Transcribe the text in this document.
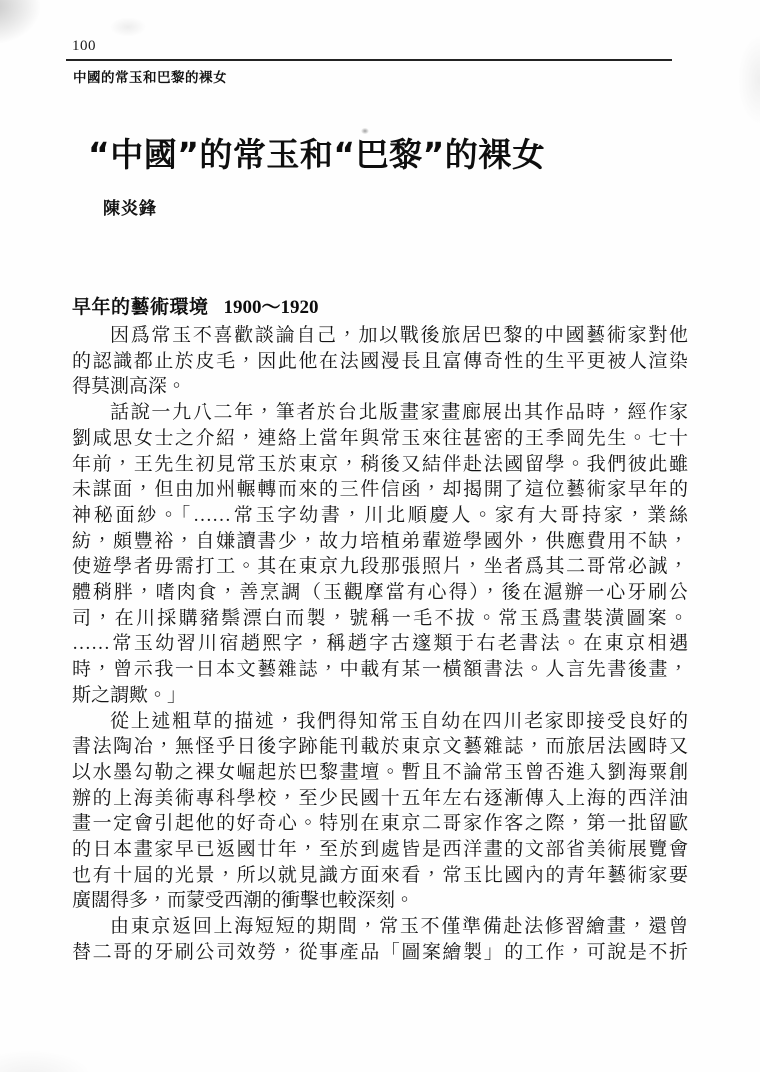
100
中國的常玉和巴黎的裸女
“中國”的常玉和“巴黎”的裸女
陳炎鋒
早年的藝術環境 1900～1920
因爲常玉不喜歡談論自己，加以戰後旅居巴黎的中國藝術家對他
的認識都止於皮毛，因此他在法國漫長且富傳奇性的生平更被人渲染
得莫測高深。
話說一九八二年，筆者於台北版畫家畫廊展出其作品時，經作家
劉咸思女士之介紹，連絡上當年與常玉來往甚密的王季岡先生。七十
年前，王先生初見常玉於東京，稍後又結伴赴法國留學。我們彼此雖
未謀面，但由加州輾轉而來的三件信函，却揭開了這位藝術家早年的
神秘面紗。「……常玉字幼書，川北順慶人。家有大哥持家，業絲
紡，頗豐裕，自嫌讀書少，故力培植弟輩遊學國外，供應費用不缺，
使遊學者毋需打工。其在東京九段那張照片，坐者爲其二哥常必誠，
體稍胖，嗜肉食，善烹調（玉觀摩當有心得），後在滬辦一心牙刷公
司，在川採購豬鬃漂白而製，號稱一毛不拔。常玉爲畫裝潢圖案。
……常玉幼習川宿趙熙字，稱趙字古邃類于右老書法。在東京相遇
時，曾示我一日本文藝雜誌，中載有某一橫額書法。人言先書後畫，
斯之謂歟。」
從上述粗草的描述，我們得知常玉自幼在四川老家即接受良好的
書法陶冶，無怪乎日後字跡能刊載於東京文藝雜誌，而旅居法國時又
以水墨勾勒之裸女崛起於巴黎畫壇。暫且不論常玉曾否進入劉海粟創
辦的上海美術專科學校，至少民國十五年左右逐漸傳入上海的西洋油
畫一定會引起他的好奇心。特別在東京二哥家作客之際，第一批留歐
的日本畫家早已返國廿年，至於到處皆是西洋畫的文部省美術展覽會
也有十屆的光景，所以就見識方面來看，常玉比國內的青年藝術家要
廣闊得多，而蒙受西潮的衝擊也較深刻。
由東京返回上海短短的期間，常玉不僅準備赴法修習繪畫，還曾
替二哥的牙刷公司效勞，從事產品「圖案繪製」的工作，可說是不折
